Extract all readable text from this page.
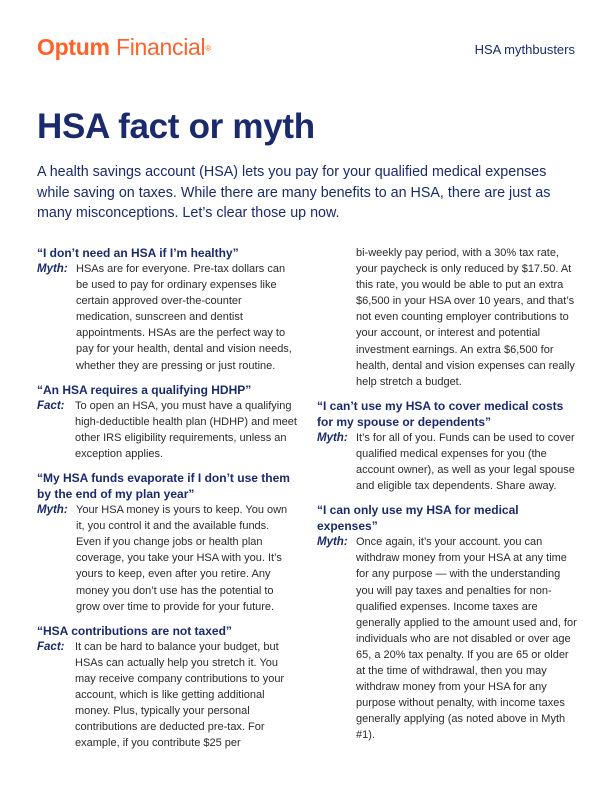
Optum Financial®	HSA mythbusters
HSA fact or myth

A health savings account (HSA) lets you pay for your qualified medical expenses while saving on taxes. While there are many benefits to an HSA, there are just as many misconceptions. Let’s clear those up now.

“I don’t need an HSA if I’m healthy”
Myth: HSAs are for everyone. Pre-tax dollars can be used to pay for ordinary expenses like certain approved over-the-counter medication, sunscreen and dentist appointments. HSAs are the perfect way to pay for your health, dental and vision needs, whether they are pressing or just routine.
“An HSA requires a qualifying HDHP”
Fact: To open an HSA, you must have a qualifying high-deductible health plan (HDHP) and meet other IRS eligibility requirements, unless an exception applies.
“My HSA funds evaporate if I don’t use them by the end of my plan year”
Myth: Your HSA money is yours to keep. You own it, you control it and the available funds. Even if you change jobs or health plan coverage, you take your HSA with you. It’s yours to keep, even after you retire. Any money you don’t use has the potential to grow over time to provide for your future.
“HSA contributions are not taxed”
Fact: It can be hard to balance your budget, but HSAs can actually help you stretch it. You may receive company contributions to your account, which is like getting additional money. Plus, typically your personal contributions are deducted pre-tax. For example, if you contribute $25 per
bi-weekly pay period, with a 30% tax rate, your paycheck is only reduced by $17.50. At this rate, you would be able to put an extra $6,500 in your HSA over 10 years, and that’s not even counting employer contributions to your account, or interest and potential investment earnings. An extra $6,500 for health, dental and vision expenses can really help stretch a budget.
“I can’t use my HSA to cover medical costs for my spouse or dependents”
Myth: It’s for all of you. Funds can be used to cover qualified medical expenses for you (the account owner), as well as your legal spouse and eligible tax dependents. Share away.
“I can only use my HSA for medical expenses”
Myth: Once again, it’s your account. you can withdraw money from your HSA at any time for any purpose — with the understanding you will pay taxes and penalties for non-qualified expenses. Income taxes are generally applied to the amount used and, for individuals who are not disabled or over age 65, a 20% tax penalty. If you are 65 or older at the time of withdrawal, then you may withdraw money from your HSA for any purpose without penalty, with income taxes generally applying (as noted above in Myth #1).
